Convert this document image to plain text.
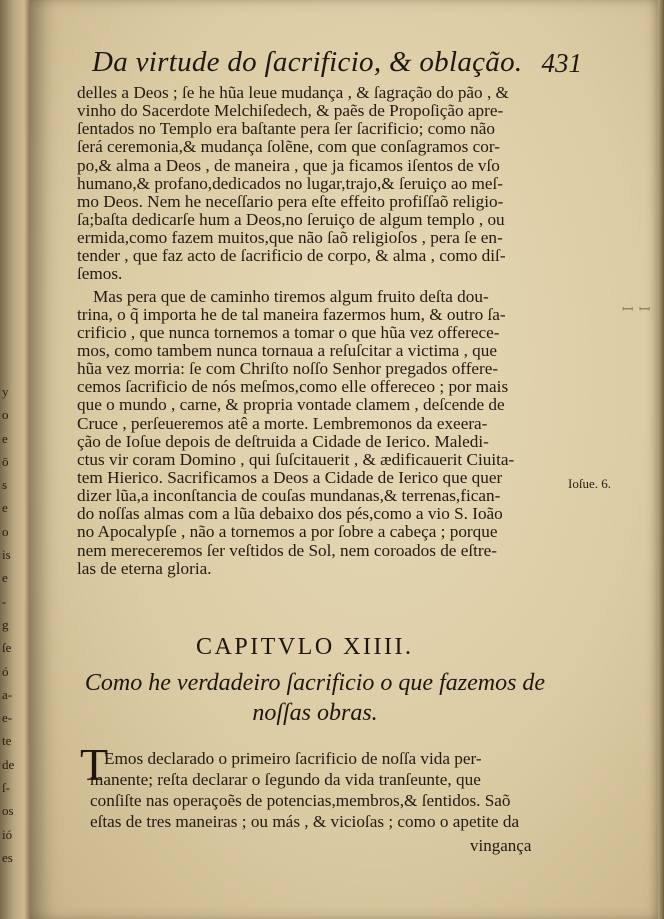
y
o
e
ō
s
e
o
is
e
-
g
ſe
ó
a-
e-
te
de
ſ-
os
ió
es
Da virtude do ſacrificio, & oblação. 431
delles a Deos ; ſe he hũa leue mudança , & ſagração do pão , &
vinho do Sacerdote Melchiſedech, & paẽs de Propoſição apre-
ſentados no Templo era baſtante pera ſer ſacrificio; como não
ſerá ceremonia,& mudança ſolẽne, com que conſagramos cor-
po,& alma a Deos , de maneira , que ja ficamos iſentos de vſo
humano,& profano,dedicados no lugar,trajo,& ſeruiço ao meſ-
mo Deos. Nem he neceſſario pera eſte effeito profiſſaõ religio-
ſa;baſta dedicarſe hum a Deos,no ſeruiço de algum templo , ou
ermida,como fazem muitos,que não ſaõ religioſos , pera ſe en-
tender , que faz acto de ſacrificio de corpo, & alma , como diſ-
ſemos.
Mas pera que de caminho tiremos algum fruito deſta dou-
trina, o q̃ importa he de tal maneira fazermos hum, & outro ſa-
crificio , que nunca tornemos a tomar o que hũa vez offerece-
mos, como tambem nunca tornaua a reſuſcitar a victima , que
hũa vez morria: ſe com Chriſto noſſo Senhor pregados offere-
cemos ſacrificio de nós meſmos,como elle offereceo ; por mais
que o mundo , carne, & propria vontade clamem , deſcende de
Cruce , perſeueremos atê a morte. Lembremonos da exeera-
ção de Ioſue depois de deſtruida a Cidade de Ierico. Maledi-
ctus vir coram Domino , qui ſuſcitauerit , & ædificauerit Ciuita-
tem Hierico. Sacrificamos a Deos a Cidade de Ierico que quer
dizer lũa,a inconſtancia de couſas mundanas,& terrenas,fican-
do noſſas almas com a lũa debaixo dos pés,como a vio S. Ioão
no Apocalypſe , não a tornemos a por ſobre a cabeça ; porque
nem mereceremos ſer veſtidos de Sol, nem coroados de eſtre-
las de eterna gloria.
Ioſue. 6.
ꟷ ꟷ
CAPITVLO XIIII.
Como he verdadeiro ſacrificio o que fazemos de
noſſas obras.
T
Emos declarado o primeiro ſacrificio de noſſa vida per-
manente; reſta declarar o ſegundo da vida tranſeunte, que
conſiſte nas operaçoẽs de potencias,membros,& ſentidos. Saõ
eſtas de tres maneiras ; ou más , & vicioſas ; como o apetite da
vingança
